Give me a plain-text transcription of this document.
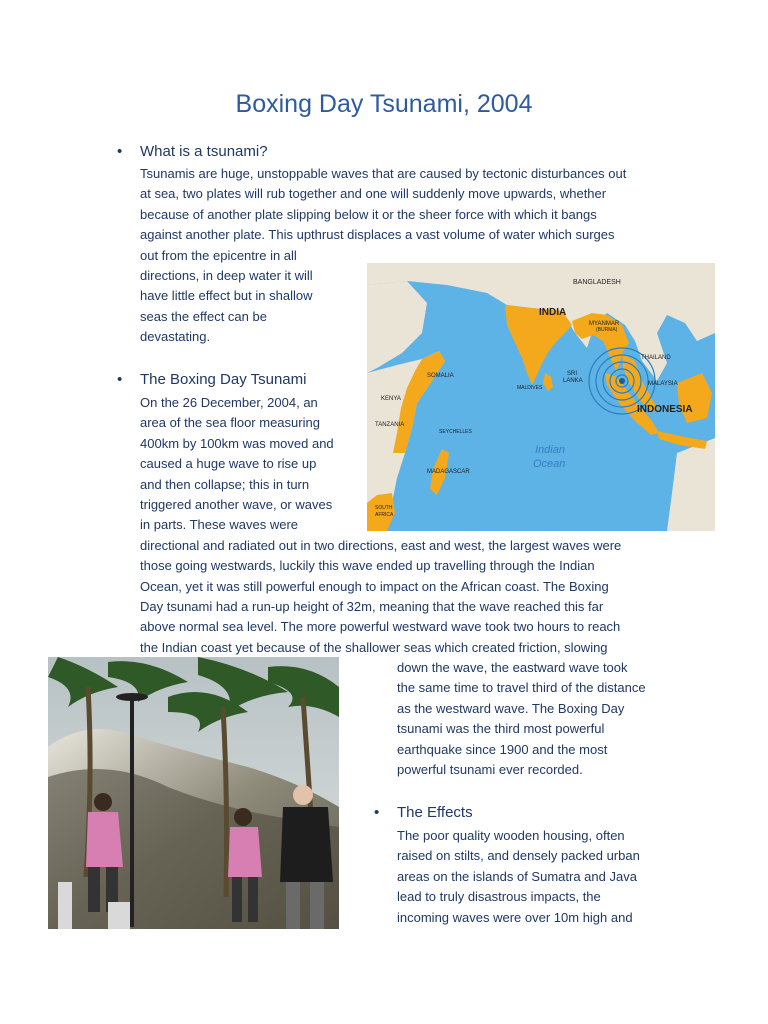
Boxing Day Tsunami, 2004
• What is a tsunami?
Tsunamis are huge, unstoppable waves that are caused by tectonic disturbances out
at sea, two plates will rub together and one will suddenly move upwards, whether
because of another plate slipping below it or the sheer force with which it bangs
against another plate. This upthrust displaces a vast volume of water which surges
out from the epicentre in all
directions, in deep water it will
have little effect but in shallow
seas the effect can be
devastating.
• The Boxing Day Tsunami
On the 26 December, 2004, an
area of the sea floor measuring
400km by 100km was moved and
caused a huge wave to rise up
and then collapse; this in turn
triggered another wave, or waves
in parts. These waves were
directional and radiated out in two directions, east and west, the largest waves were
those going westwards, luckily this wave ended up travelling through the Indian
Ocean, yet it was still powerful enough to impact on the African coast. The Boxing
Day tsunami had a run-up height of 32m, meaning that the wave reached this far
above normal sea level. The more powerful westward wave took two hours to reach
the Indian coast yet because of the shallower seas which created friction, slowing
down the wave, the eastward wave took
the same time to travel third of the distance
as the westward wave. The Boxing Day
tsunami was the third most powerful
earthquake since 1900 and the most
powerful tsunami ever recorded.
• The Effects
The poor quality wooden housing, often
raised on stilts, and densely packed urban
areas on the islands of Sumatra and Java
lead to truly disastrous impacts, the
incoming waves were over 10m high and
BANGLADESH
INDIA
MYANMAR
(BURMA)
THAILAND
MALAYSIA
INDONESIA
SRI
LANKA
MALDIVES
SOMALIA
KENYA
TANZANIA
SEYCHELLES
MADAGASCAR
SOUTH
AFRICA
Indian
Ocean
